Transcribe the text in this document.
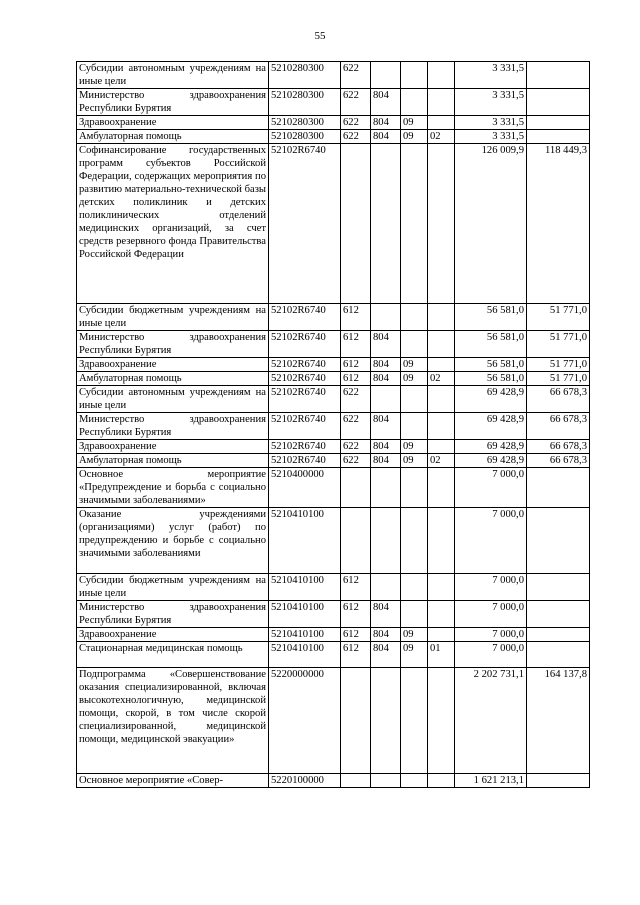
55
Субсидии автономным учреждениям на иные цели	5210280300	622				3 331,5	
Министерство здравоохранения Республики Бурятия	5210280300	622	804			3 331,5	
Здравоохранение	5210280300	622	804	09		3 331,5	
Амбулаторная помощь	5210280300	622	804	09	02	3 331,5	
Софинансирование государственных программ субъектов Российской Федерации, содержащих мероприятия по развитию материально-технической базы детских поликлиник и детских поликлинических отделений медицинских организаций, за счет средств резервного фонда Правительства Российской Федерации	52102R6740					126 009,9	118 449,3
Субсидии бюджетным учреждениям на иные цели	52102R6740	612				56 581,0	51 771,0
Министерство здравоохранения Республики Бурятия	52102R6740	612	804			56 581,0	51 771,0
Здравоохранение	52102R6740	612	804	09		56 581,0	51 771,0
Амбулаторная помощь	52102R6740	612	804	09	02	56 581,0	51 771,0
Субсидии автономным учреждениям на иные цели	52102R6740	622				69 428,9	66 678,3
Министерство здравоохранения Республики Бурятия	52102R6740	622	804			69 428,9	66 678,3
Здравоохранение	52102R6740	622	804	09		69 428,9	66 678,3
Амбулаторная помощь	52102R6740	622	804	09	02	69 428,9	66 678,3
Основное мероприятие «Предупреждение и борьба с социально значимыми заболеваниями»	5210400000					7 000,0	
Оказание учреждениями (организациями) услуг (работ) по предупреждению и борьбе с социально значимыми заболеваниями	5210410100					7 000,0	
Субсидии бюджетным учреждениям на иные цели	5210410100	612				7 000,0	
Министерство здравоохранения Республики Бурятия	5210410100	612	804			7 000,0	
Здравоохранение	5210410100	612	804	09		7 000,0	
Стационарная медицинская помощь	5210410100	612	804	09	01	7 000,0	
Подпрограмма «Совершенствование оказания специализированной, включая высокотехнологичную, медицинской помощи, скорой, в том числе скорой специализированной, медицинской помощи, медицинской эвакуации»	5220000000					2 202 731,1	164 137,8
Основное мероприятие «Совер-	5220100000					1 621 213,1	
